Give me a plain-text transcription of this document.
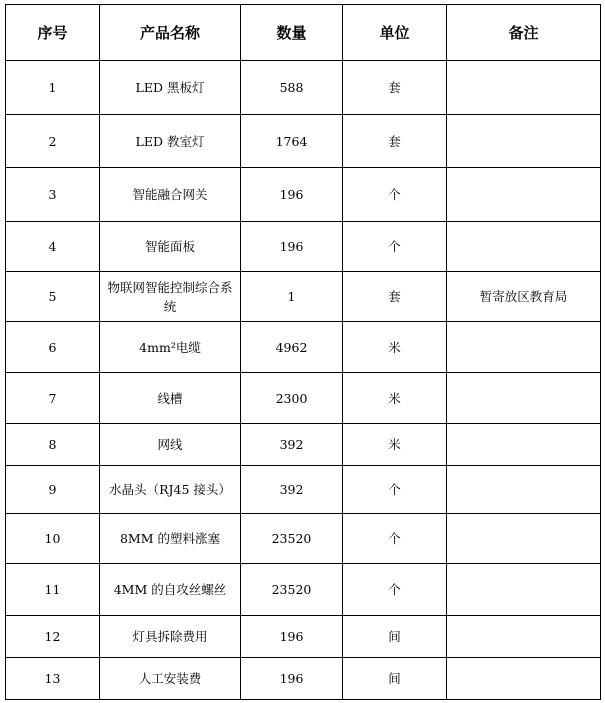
序号	产品名称	数量	单位	备注
1	LED 黑板灯	588	套	
2	LED 教室灯	1764	套	
3	智能融合网关	196	个	
4	智能面板	196	个	
5	物联网智能控制综合系统	1	套	暂寄放区教育局
6	4mm²电缆	4962	米	
7	线槽	2300	米	
8	网线	392	米	
9	水晶头（RJ45 接头）	392	个	
10	8MM 的塑料涨塞	23520	个	
11	4MM 的自攻丝螺丝	23520	个	
12	灯具拆除费用	196	间	
13	人工安装费	196	间	
